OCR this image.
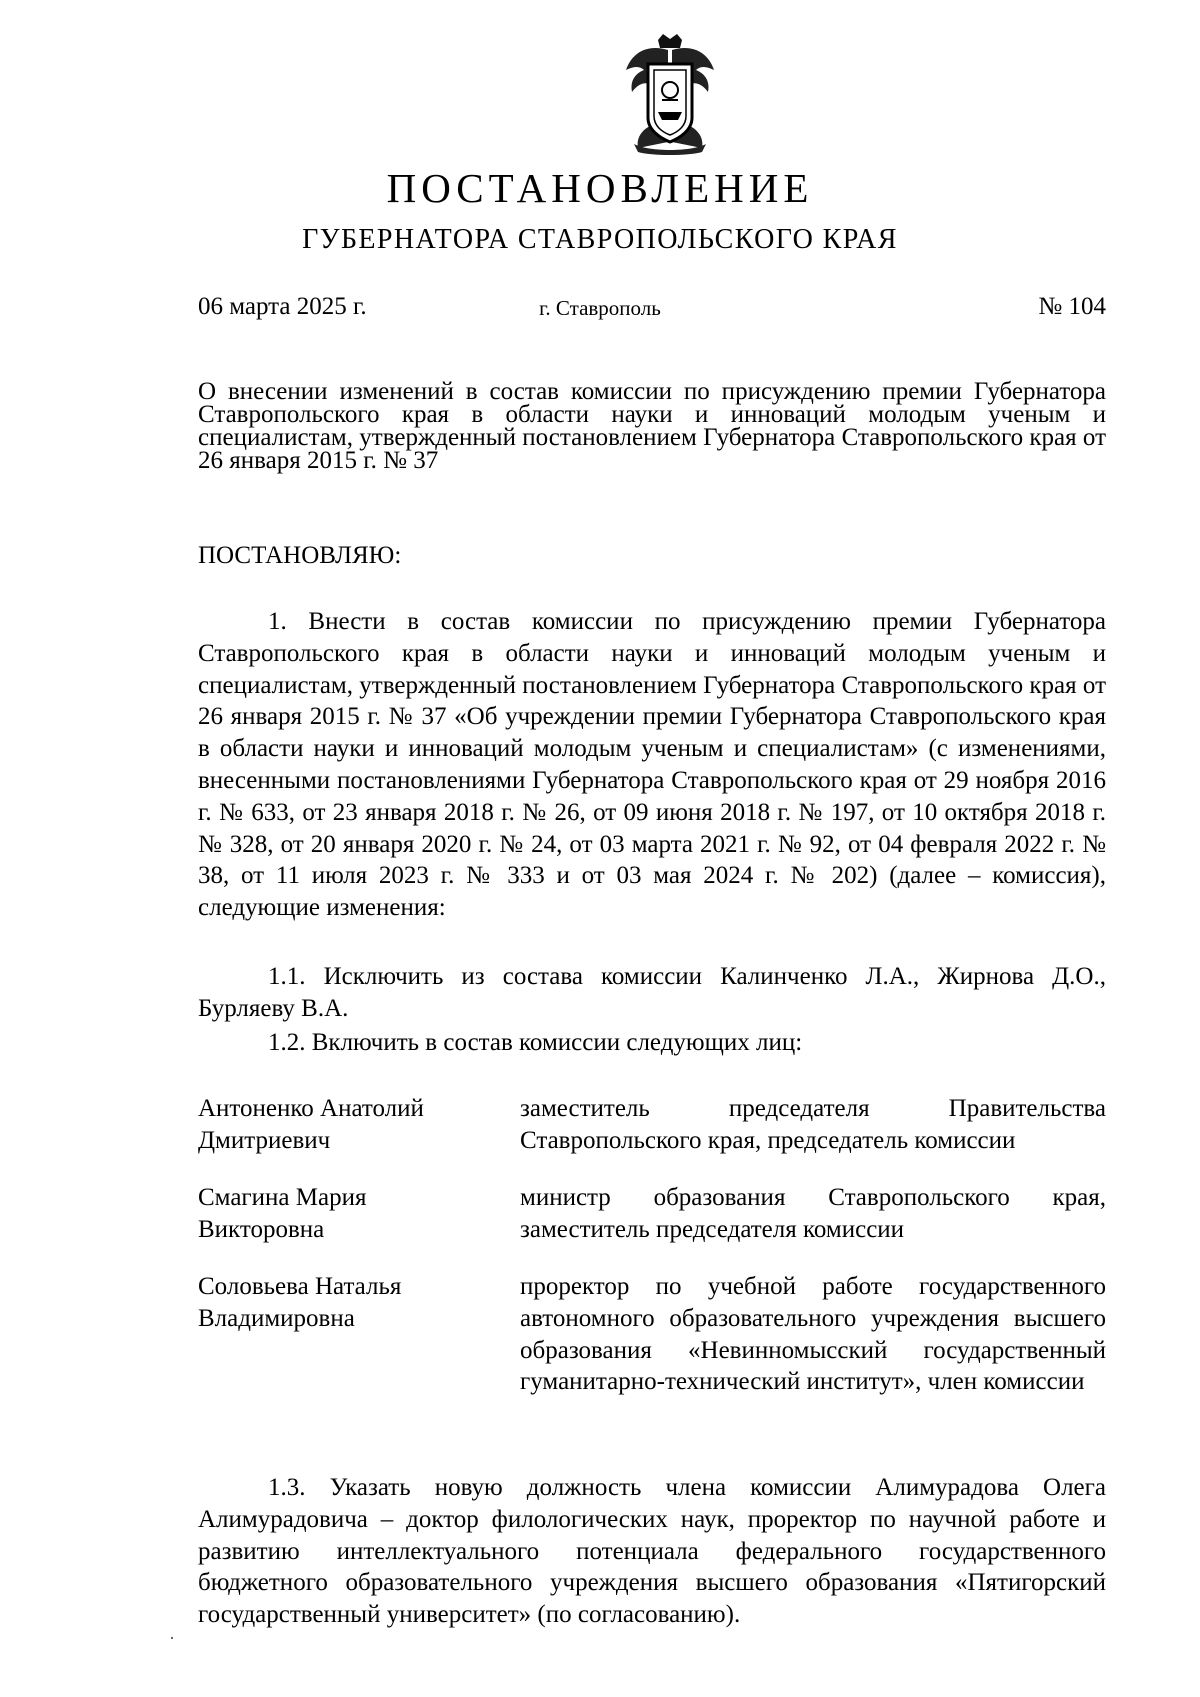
ПОСТАНОВЛЕНИЕ
ГУБЕРНАТОРА СТАВРОПОЛЬСКОГО КРАЯ
06 марта 2025 г.	г. Ставрополь	№ 104
О внесении изменений в состав комиссии по присуждению премии Губернатора Ставропольского края в области науки и инноваций молодым ученым и специалистам, утвержденный постановлением Губернатора Ставропольского края от 26 января 2015 г. № 37
ПОСТАНОВЛЯЮ:
1. Внести в состав комиссии по присуждению премии Губернатора Ставропольского края в области науки и инноваций молодым ученым и специалистам, утвержденный постановлением Губернатора Ставропольского края от 26 января 2015 г. № 37 «Об учреждении премии Губернатора Ставропольского края в области науки и инноваций молодым ученым и специалистам» (с изменениями, внесенными постановлениями Губернатора Ставропольского края от 29 ноября 2016 г. № 633, от 23 января 2018 г. № 26, от 09 июня 2018 г. № 197, от 10 октября 2018 г. № 328, от 20 января 2020 г. № 24, от 03 марта 2021 г. № 92, от 04 февраля 2022 г. № 38, от 11 июля 2023 г. № 333 и от 03 мая 2024 г. № 202) (далее – комиссия), следующие изменения:
1.1. Исключить из состава комиссии Калинченко Л.А., Жирнова Д.О., Бурляеву В.А.
1.2. Включить в состав комиссии следующих лиц:
Антоненко Анатолий
Дмитриевич
заместитель председателя Правительства Ставропольского края, председатель комиссии
Смагина Мария
Викторовна
министр образования Ставропольского края, заместитель председателя комиссии
Соловьева Наталья
Владимировна
проректор по учебной работе государственного автономного образовательного учреждения высшего образования «Невинномысский государственный гуманитарно-технический институт», член комиссии
1.3. Указать новую должность члена комиссии Алимурадова Олега Алимурадовича – доктор филологических наук, проректор по научной работе и развитию интеллектуального потенциала федерального государственного бюджетного образовательного учреждения высшего образования «Пятигорский государственный университет» (по согласованию).
